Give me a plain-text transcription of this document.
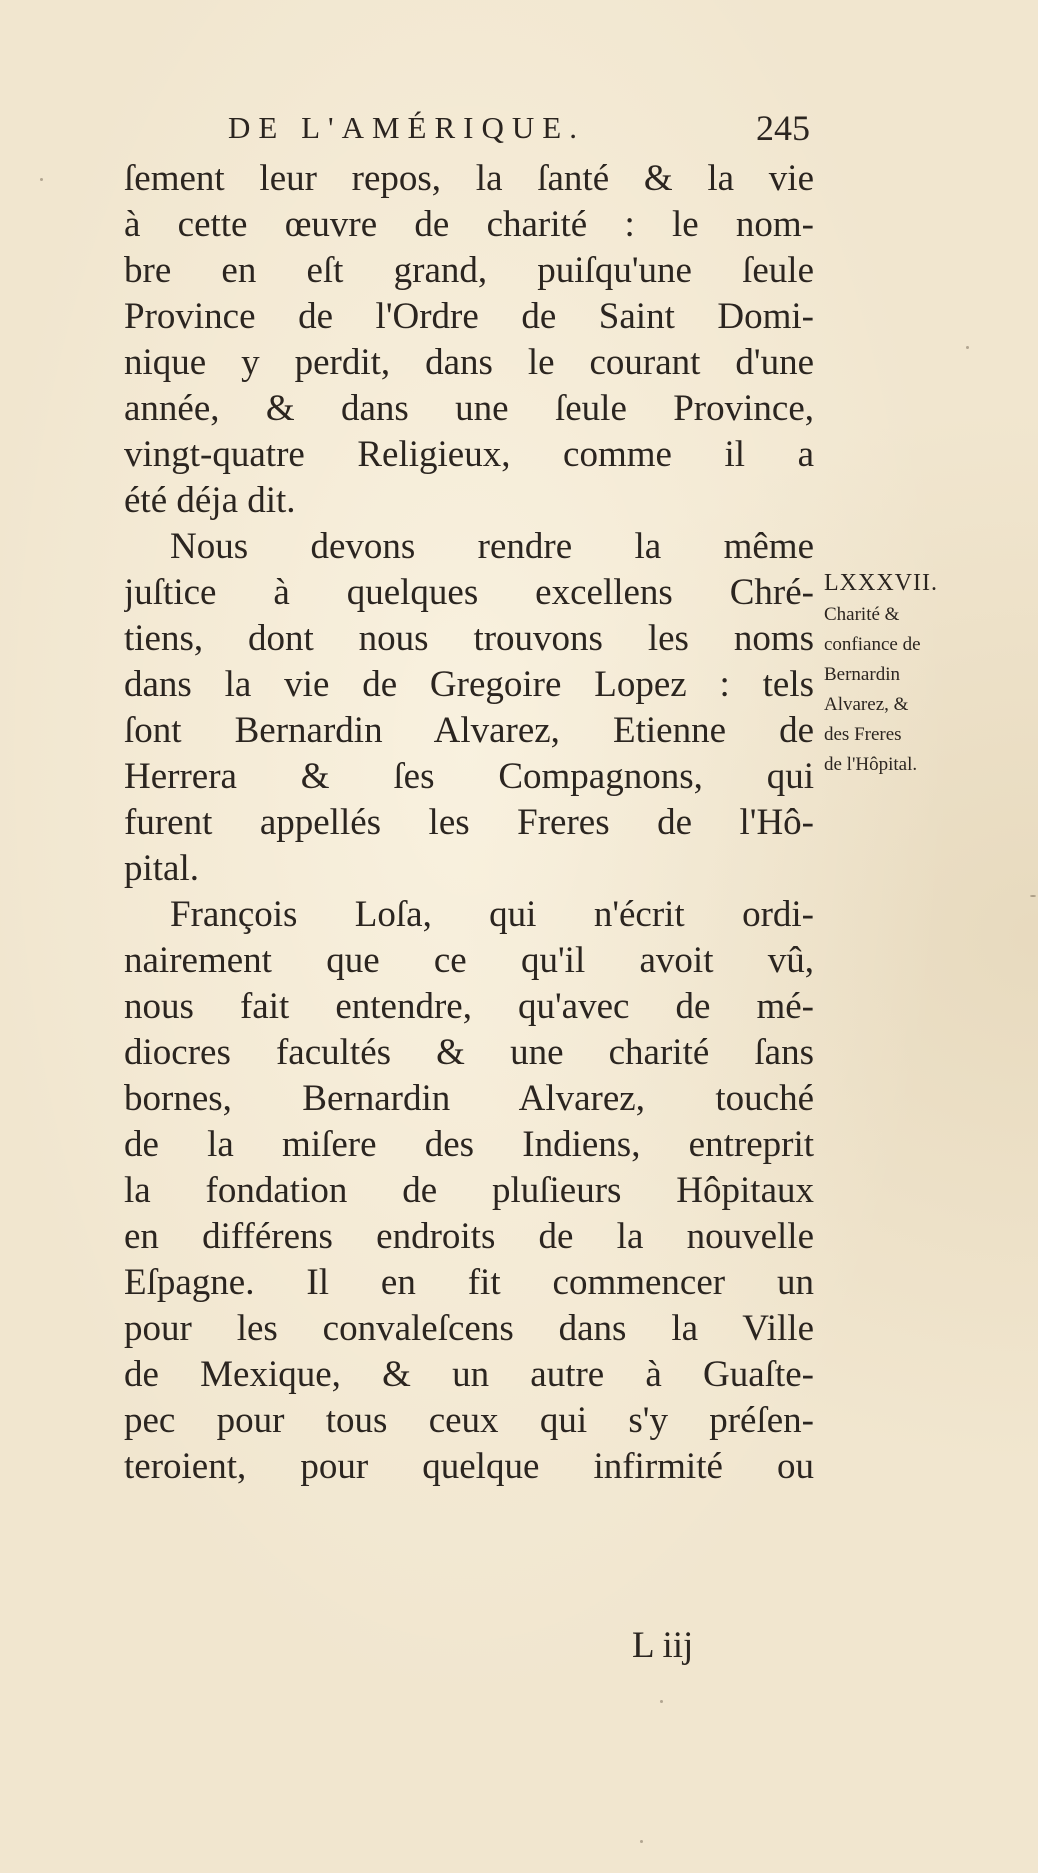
DE L'AMÉRIQUE.	245
ſement leur repos, la ſanté & la vie
à cette œuvre de charité : le nom-
bre en eſt grand, puiſqu'une ſeule
Province de l'Ordre de Saint Domi-
nique y perdit, dans le courant d'une
année, & dans une ſeule Province,
vingt-quatre Religieux, comme il a
été déja dit.
Nous devons rendre la même
juſtice à quelques excellens Chré-
tiens, dont nous trouvons les noms
dans la vie de Gregoire Lopez : tels
ſont Bernardin Alvarez, Etienne de
Herrera & ſes Compagnons, qui
furent appellés les Freres de l'Hô-
pital.
François Loſa, qui n'écrit ordi-
nairement que ce qu'il avoit vû,
nous fait entendre, qu'avec de mé-
diocres facultés & une charité ſans
bornes, Bernardin Alvarez, touché
de la miſere des Indiens, entreprit
la fondation de pluſieurs Hôpitaux
en différens endroits de la nouvelle
Eſpagne. Il en fit commencer un
pour les convaleſcens dans la Ville
de Mexique, & un autre à Guaſte-
pec pour tous ceux qui s'y préſen-
teroient, pour quelque infirmité ou
LXXXVII.
Charité &
confiance de
Bernardin
Alvarez, &
des Freres
de l'Hôpital.
L iij
